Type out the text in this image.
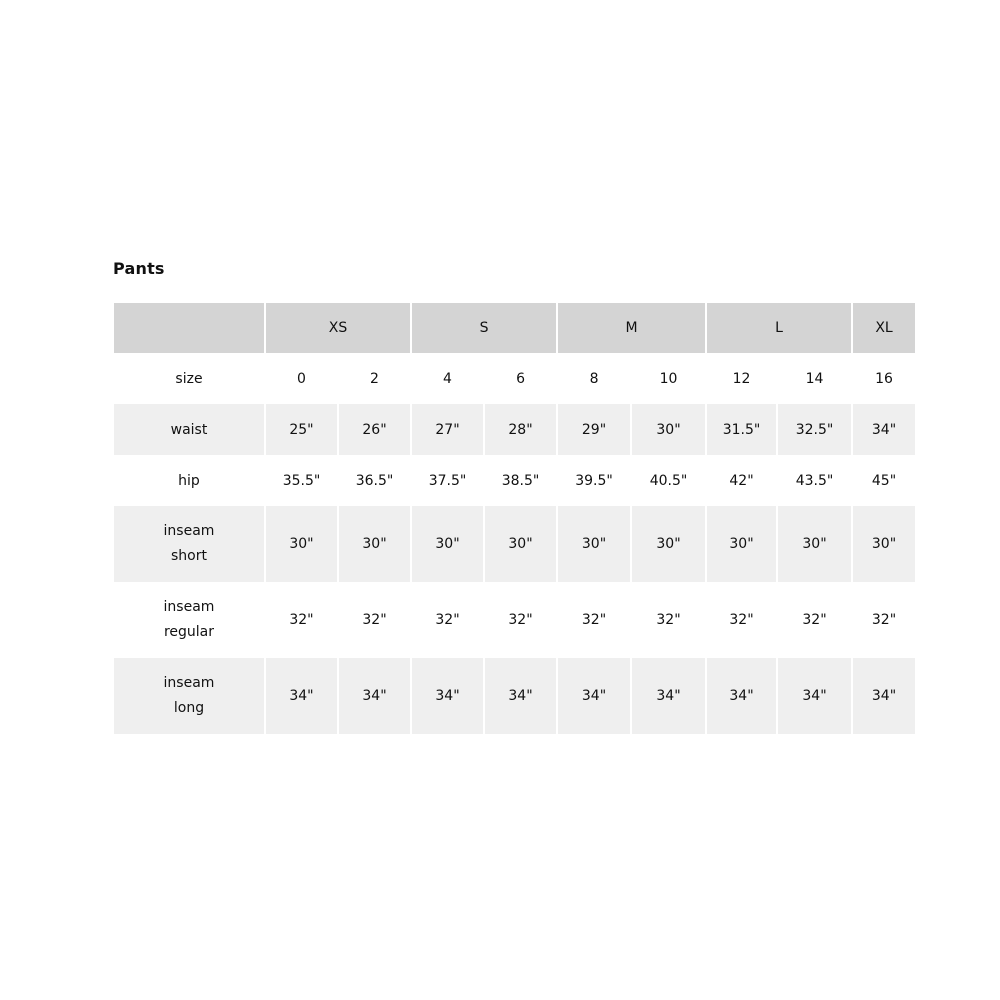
Pants
	XS		S		M		L		XL

size	0	2	4	6	8	10	12	14	16

waist	25"	26"	27"	28"	29"	30"	31.5"	32.5"	34"

hip	35.5"	36.5"	37.5"	38.5"	39.5"	40.5"	42"	43.5"	45"

inseam
short	30"	30"	30"	30"	30"	30"	30"	30"	30"

inseam
regular	32"	32"	32"	32"	32"	32"	32"	32"	32"

inseam
long	34"	34"	34"	34"	34"	34"	34"	34"	34"
